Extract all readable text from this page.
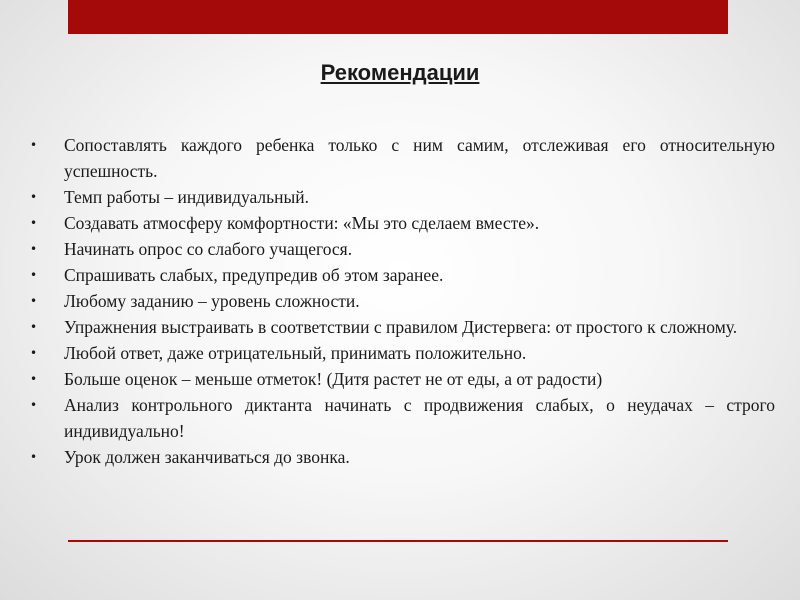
Рекомендации
•	Сопоставлять каждого ребенка только с ним самим, отслеживая его относительную успешность.
•	Темп работы – индивидуальный.
•	Создавать атмосферу комфортности: «Мы это сделаем вместе».
•	Начинать опрос со слабого учащегося.
•	Спрашивать слабых, предупредив об этом заранее.
•	Любому заданию – уровень сложности.
•	Упражнения выстраивать в соответствии с правилом Дистервега: от простого к сложному.
•	Любой ответ, даже отрицательный, принимать положительно.
•	Больше оценок – меньше отметок! (Дитя растет не от еды, а от радости)
•	Анализ контрольного диктанта начинать с продвижения слабых, о неудачах – строго индивидуально!
•	Урок должен заканчиваться до звонка.
